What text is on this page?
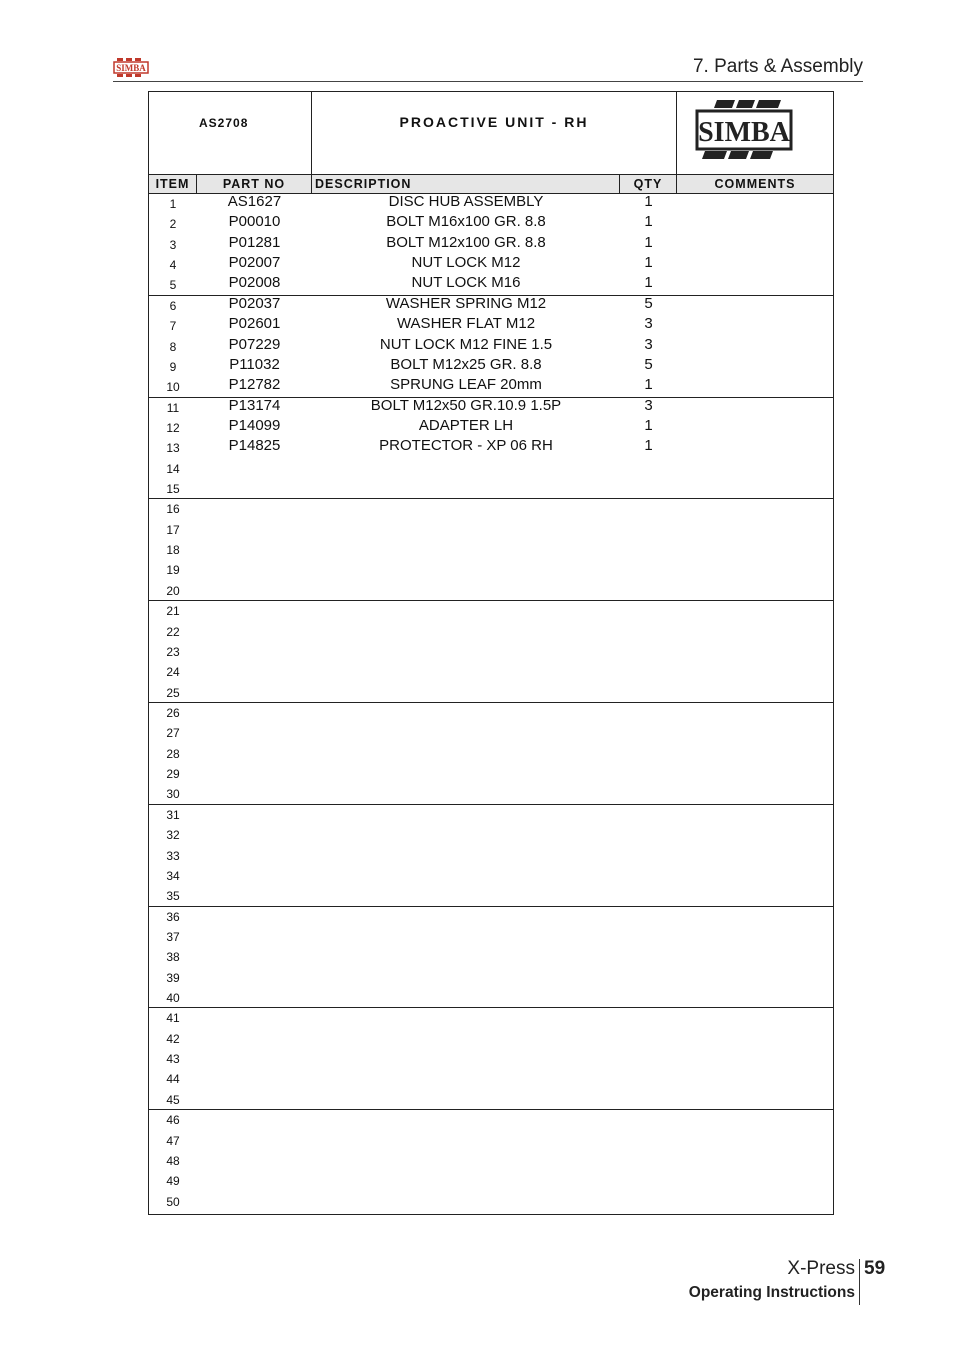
SIMBA	7. Parts & Assembly
AS2708	PROACTIVE UNIT - RH	SIMBA
ITEM	PART NO	DESCRIPTION	QTY	COMMENTS
1	AS1627	DISC HUB ASSEMBLY	1
2	P00010	BOLT M16x100 GR. 8.8	1
3	P01281	BOLT M12x100 GR. 8.8	1
4	P02007	NUT LOCK M12	1
5	P02008	NUT LOCK M16	1
6	P02037	WASHER SPRING M12	5
7	P02601	WASHER FLAT M12	3
8	P07229	NUT LOCK M12 FINE 1.5	3
9	P11032	BOLT M12x25 GR. 8.8	5
10	P12782	SPRUNG LEAF 20mm	1
11	P13174	BOLT M12x50 GR.10.9 1.5P	3
12	P14099	ADAPTER LH	1
13	P14825	PROTECTOR - XP 06 RH	1
14
15
16
17
18
19
20
21
22
23
24
25
26
27
28
29
30
31
32
33
34
35
36
37
38
39
40
41
42
43
44
45
46
47
48
49
50
X-Press 59
Operating Instructions
